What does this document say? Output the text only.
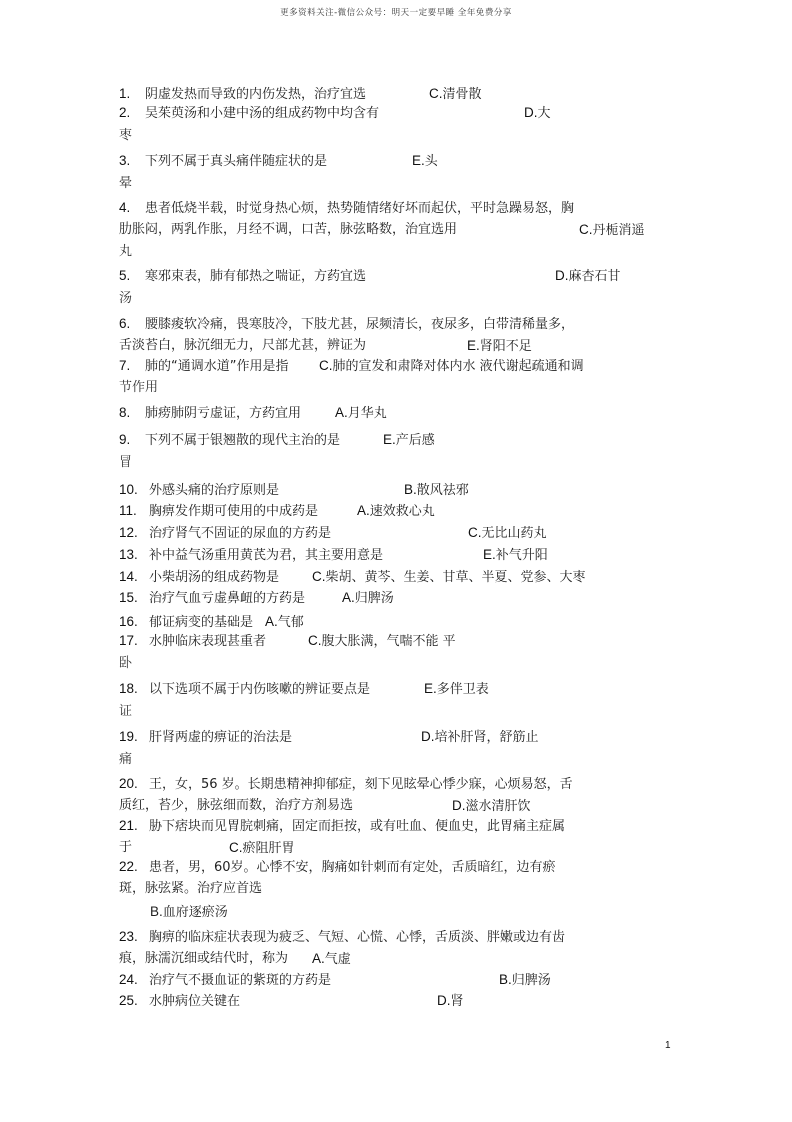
更多资料关注-微信公众号：明天一定要早睡 全年免费分享
1. 阴虚发热而导致的内伤发热，治疗宜选	C.清骨散
2. 吴茱萸汤和小建中汤的组成药物中均含有	D.大
枣
3. 下列不属于真头痛伴随症状的是	E.头
晕
4. 患者低烧半载，时觉身热心烦，热势随情绪好坏而起伏，平时急躁易怒，胸
肋胀闷，两乳作胀，月经不调，口苦，脉弦略数，治宜选用	C.丹栀消遥
丸
5. 寒邪束表，肺有郁热之喘证，方药宜选	D.麻杏石甘
汤
6. 腰膝痠软冷痛，畏寒肢冷，下肢尤甚，尿频清长，夜尿多，白带清稀量多，
舌淡苔白，脉沉细无力，尺部尤甚，辨证为	E.肾阳不足
7. 肺的“通调水道”作用是指 C.肺的宣发和肃降对体内水 液代谢起疏通和调
节作用
8. 肺痨肺阴亏虚证，方药宜用	A.月华丸
9. 下列不属于银翘散的现代主治的是	E.产后感
冒
10. 外感头痛的治疗原则是	B.散风祛邪
11. 胸痹发作期可使用的中成药是	A.速效救心丸
12. 治疗肾气不固证的尿血的方药是	C.无比山药丸
13. 补中益气汤重用黄芪为君，其主要用意是	E.补气升阳
14. 小柴胡汤的组成药物是 C.柴胡、黄芩、生姜、甘草、半夏、党参、大枣
15. 治疗气血亏虚鼻衄的方药是	A.归脾汤
16. 郁证病变的基础是 A.气郁
17. 水肿临床表现甚重者	C.腹大胀满，气喘不能 平
卧
18. 以下选项不属于内伤咳嗽的辨证要点是	E.多伴卫表
证
19. 肝肾两虚的痹证的治法是	D.培补肝肾，舒筋止
痛
20. 王，女，56 岁。长期患精神抑郁症，刻下见眩晕心悸少寐，心烦易怒，舌
质红，苔少，脉弦细而数，治疗方剂易选	D.滋水清肝饮
21. 胁下痞块而见胃脘刺痛，固定而拒按，或有吐血、便血史，此胃痛主症属
于	C.瘀阻肝胃
22. 患者，男，60岁。心悸不安，胸痛如针刺而有定处，舌质暗红，边有瘀
斑，脉弦紧。治疗应首选
B.血府逐瘀汤
23. 胸痹的临床症状表现为疲乏、气短、心慌、心悸，舌质淡、胖嫩或边有齿
痕，脉濡沉细或结代时，称为 A.气虚
24. 治疗气不摄血证的紫斑的方药是	B.归脾汤
25. 水肿病位关键在	D.肾
1
